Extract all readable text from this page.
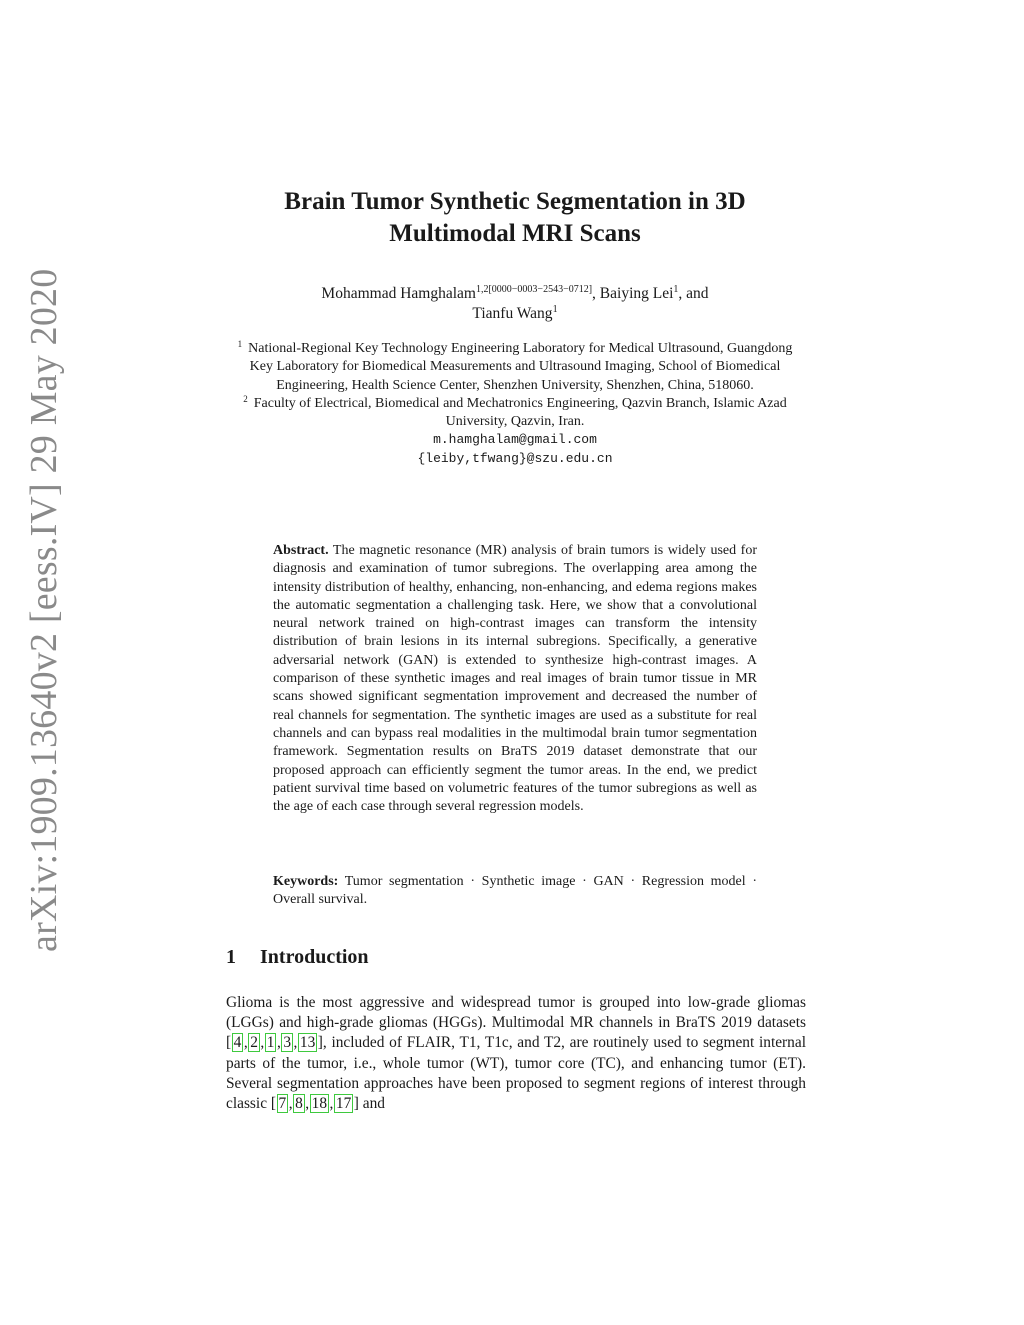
arXiv:1909.13640v2 [eess.IV] 29 May 2020
Brain Tumor Synthetic Segmentation in 3D
Multimodal MRI Scans
Mohammad Hamghalam$^{1,2[0000-0003-2543-0712]}$, Baiying Lei$^1$, and
Tianfu Wang$^1$
$^1$ National-Regional Key Technology Engineering Laboratory for Medical Ultrasound, Guangdong Key Laboratory for Biomedical Measurements and Ultrasound Imaging, School of Biomedical Engineering, Health Science Center, Shenzhen University, Shenzhen, China, 518060.
$^2$ Faculty of Electrical, Biomedical and Mechatronics Engineering, Qazvin Branch, Islamic Azad University, Qazvin, Iran.
m.hamghalam@gmail.com
{leiby,tfwang}@szu.edu.cn
Abstract. The magnetic resonance (MR) analysis of brain tumors is widely used for diagnosis and examination of tumor subregions. The overlapping area among the intensity distribution of healthy, enhancing, non-enhancing, and edema regions makes the automatic segmentation a challenging task. Here, we show that a convolutional neural network trained on high-contrast images can transform the intensity distribution of brain lesions in its internal subregions. Specifically, a generative adversarial network (GAN) is extended to synthesize high-contrast images. A comparison of these synthetic images and real images of brain tumor tissue in MR scans showed significant segmentation improvement and decreased the number of real channels for segmentation. The synthetic images are used as a substitute for real channels and can bypass real modalities in the multimodal brain tumor segmentation framework. Segmentation results on BraTS 2019 dataset demonstrate that our proposed approach can efficiently segment the tumor areas. In the end, we predict patient survival time based on volumetric features of the tumor subregions as well as the age of each case through several regression models.
Keywords: Tumor segmentation · Synthetic image · GAN · Regression model · Overall survival.
1 Introduction
Glioma is the most aggressive and widespread tumor is grouped into low-grade gliomas (LGGs) and high-grade gliomas (HGGs). Multimodal MR channels in BraTS 2019 datasets [ 4 , 2 , 1 , 3 , 13 ], included of FLAIR, T1, T1c, and T2, are routinely used to segment internal parts of the tumor, i.e., whole tumor (WT), tumor core (TC), and enhancing tumor (ET). Several segmentation approaches have been proposed to segment regions of interest through classic [ 7 , 8 , 18 , 17 ] and
